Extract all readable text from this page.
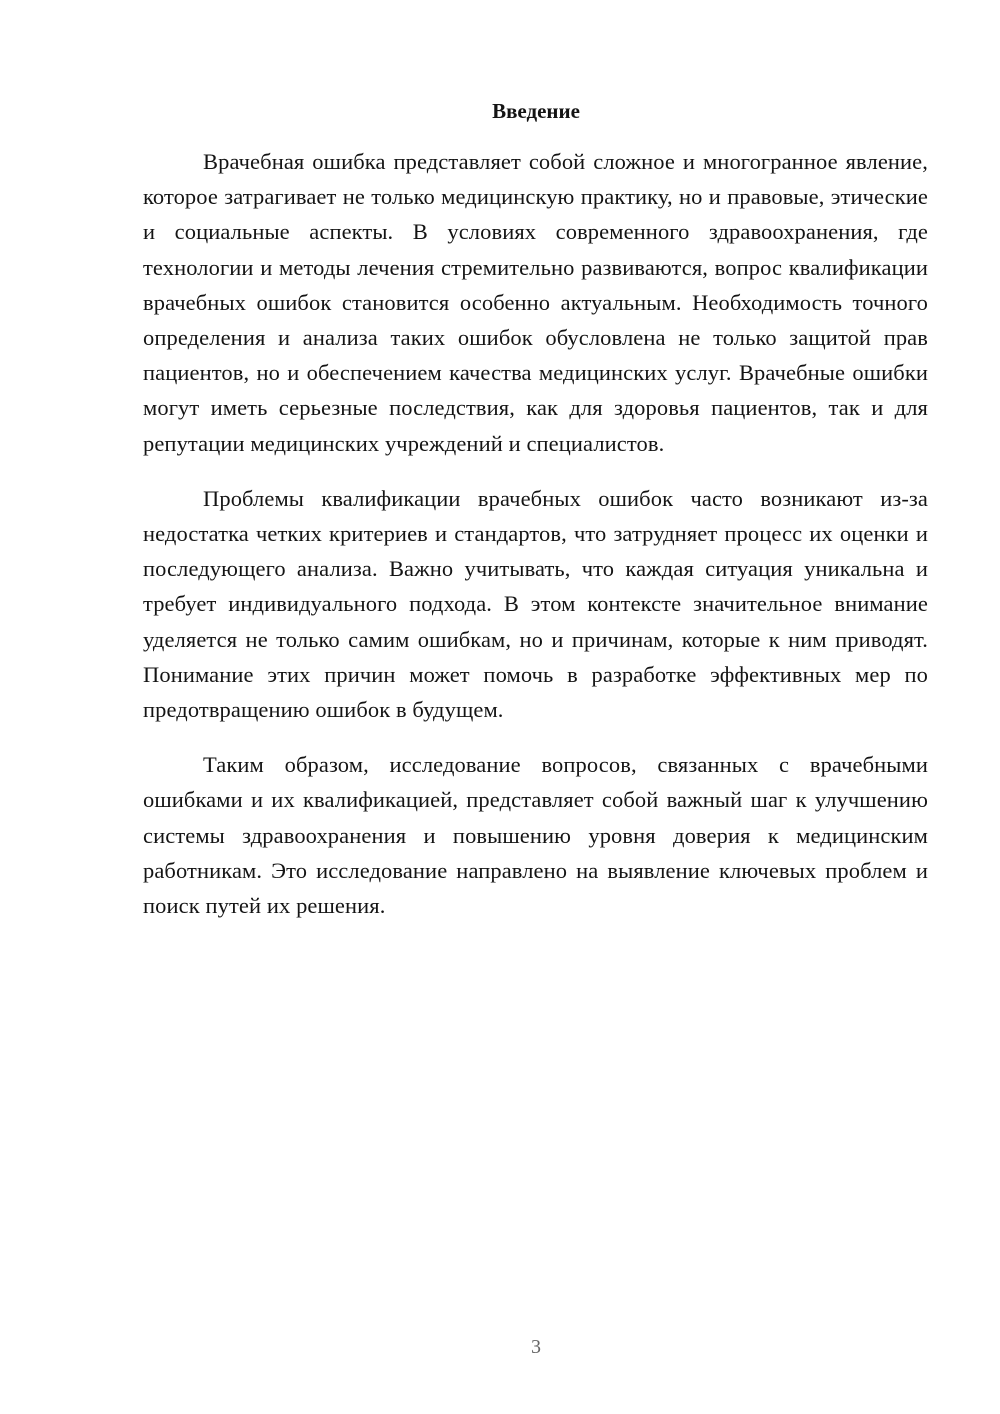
Введение

Врачебная ошибка представляет собой сложное и многогранное явление, которое затрагивает не только медицинскую практику, но и правовые, этические и социальные аспекты. В условиях современного здравоохранения, где технологии и методы лечения стремительно развиваются, вопрос квалификации врачебных ошибок становится особенно актуальным. Необходимость точного определения и анализа таких ошибок обусловлена не только защитой прав пациентов, но и обеспечением качества медицинских услуг. Врачебные ошибки могут иметь серьезные последствия, как для здоровья пациентов, так и для репутации медицинских учреждений и специалистов.

Проблемы квалификации врачебных ошибок часто возникают из-за недостатка четких критериев и стандартов, что затрудняет процесс их оценки и последующего анализа. Важно учитывать, что каждая ситуация уникальна и требует индивидуального подхода. В этом контексте значительное внимание уделяется не только самим ошибкам, но и причинам, которые к ним приводят. Понимание этих причин может помочь в разработке эффективных мер по предотвращению ошибок в будущем.

Таким образом, исследование вопросов, связанных с врачебными ошибками и их квалификацией, представляет собой важный шаг к улучшению системы здравоохранения и повышению уровня доверия к медицинским работникам. Это исследование направлено на выявление ключевых проблем и поиск путей их решения.

3
